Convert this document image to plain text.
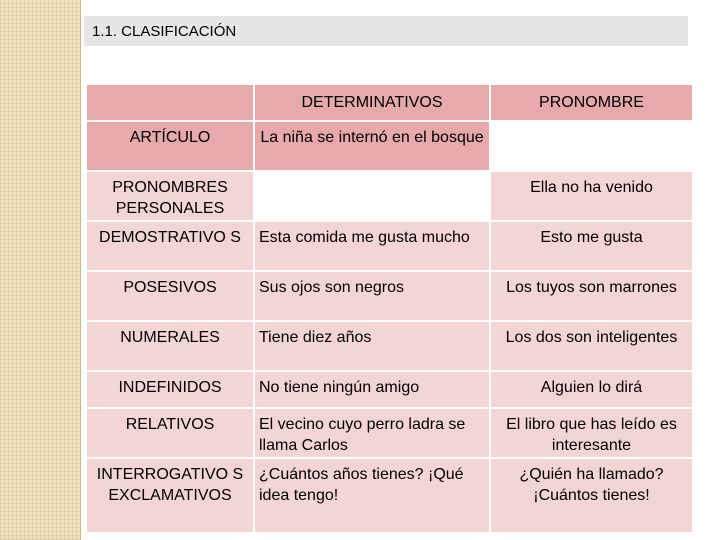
1.1. CLASIFICACIÓN
	DETERMINATIVOS	PRONOMBRE
ARTÍCULO	La niña se internó en el bosque	
PRONOMBRES PERSONALES		Ella no ha venido
DEMOSTRATIVO S	Esta comida me gusta mucho	Esto me gusta
POSESIVOS	Sus ojos son negros	Los tuyos son marrones
NUMERALES	Tiene diez años	Los dos son inteligentes
INDEFINIDOS	No tiene ningún amigo	Alguien lo dirá
RELATIVOS	El vecino cuyo perro ladra se llama Carlos	El libro que has leído es interesante
INTERROGATIVO S EXCLAMATIVOS	¿Cuántos años tienes? ¡Qué idea tengo!	¿Quién ha llamado? ¡Cuántos tienes!
